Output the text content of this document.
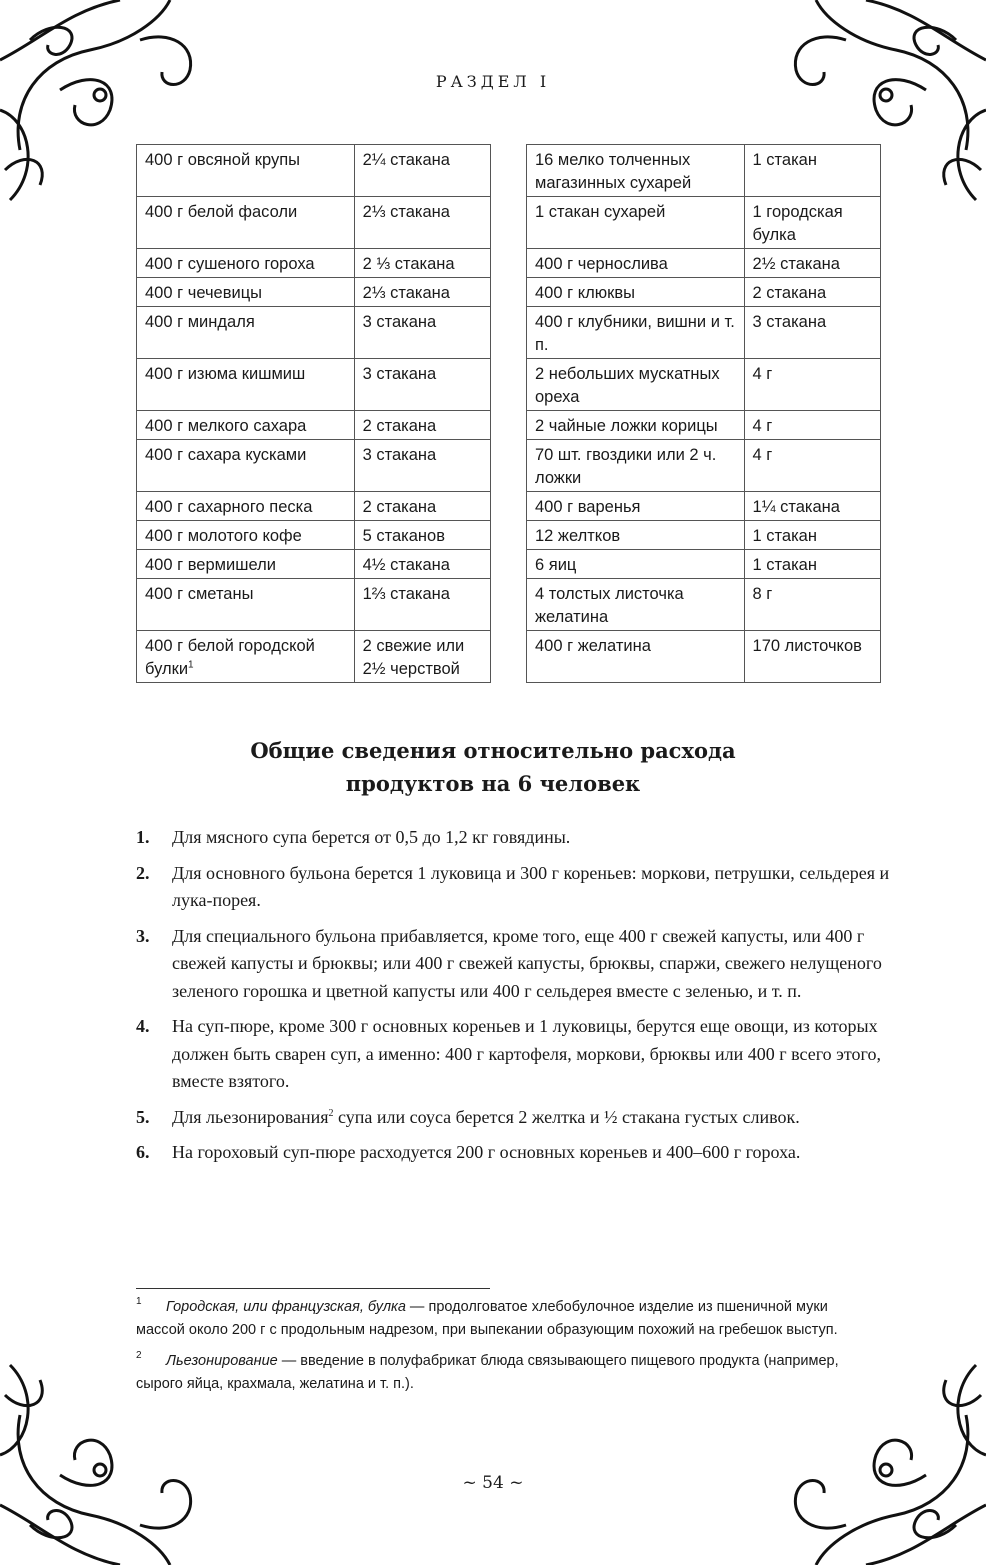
РАЗДЕЛ I
400 г овсяной крупы	2¼ стакана
400 г белой фасоли	2⅓ стакана
400 г сушеного гороха	2 ⅓ стакана
400 г чечевицы	2⅓ стакана
400 г миндаля	3 стакана
400 г изюма кишмиш	3 стакана
400 г мелкого сахара	2 стакана
400 г сахара кусками	3 стакана
400 г сахарного песка	2 стакана
400 г молотого кофе	5 стаканов
400 г вермишели	4½ стакана
400 г сметаны	1⅔ стакана
400 г белой городской булки$^1$	2 свежие или 2½ черствой
16 мелко толченных магазинных сухарей	1 стакан
1 стакан сухарей	1 городская булка
400 г чернослива	2½ стакана
400 г клюквы	2 стакана
400 г клубники, вишни и т. п.	3 стакана
2 небольших мускатных ореха	4 г
2 чайные ложки корицы	4 г
70 шт. гвоздики или 2 ч. ложки	4 г
400 г варенья	1¼ стакана
12 желтков	1 стакан
6 яиц	1 стакан
4 толстых листочка желатина	8 г
400 г желатина	170 листочков
Общие сведения относительно расхода
продуктов на 6 человек
1. Для мясного супа берется от 0,5 до 1,2 кг говядины.
2. Для основного бульона берется 1 луковица и 300 г кореньев: моркови, петрушки, сельдерея и лука-порея.
3. Для специального бульона прибавляется, кроме того, еще 400 г свежей капусты, или 400 г свежей капусты и брюквы; или 400 г свежей капусты, брюквы, спаржи, свежего нелущеного зеленого горошка и цветной капусты или 400 г сельдерея вместе с зеленью, и т. п.
4. На суп-пюре, кроме 300 г основных кореньев и 1 луковицы, берутся еще овощи, из которых должен быть сварен суп, а именно: 400 г картофеля, моркови, брюквы или 400 г всего этого, вместе взятого.
5. Для льезонирования$^2$ супа или соуса берется 2 желтка и ½ стакана густых сливок.
6. На гороховый суп-пюре расходуется 200 г основных кореньев и 400–600 г гороха.
1 Городская, или французская, булка — продолговатое хлебобулочное изделие из пшеничной муки массой около 200 г с продольным надрезом, при выпекании образующим похожий на гребешок выступ.
2 Льезонирование — введение в полуфабрикат блюда связывающего пищевого продукта (например, сырого яйца, крахмала, желатина и т. п.).
~ 54 ~
